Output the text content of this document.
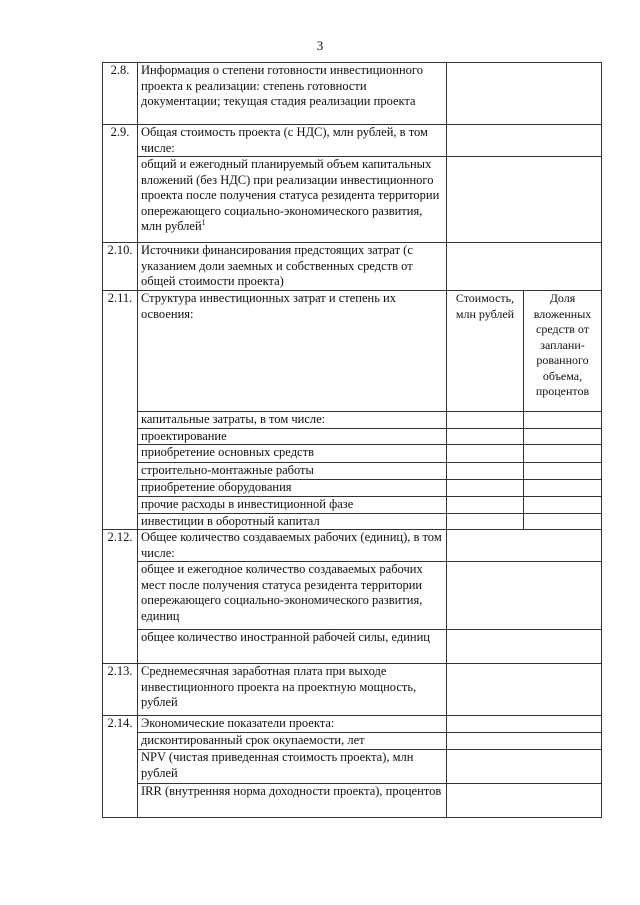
3
2.8.	Информация о степени готовности инвестиционного проекта к реализации: степень готовности документации; текущая стадия реализации проекта		
2.9.	Общая стоимость проекта (с НДС), млн рублей, в том числе:		
	общий и ежегодный планируемый объем капитальных вложений (без НДС) при реализации инвестиционного проекта после получения статуса резидента территории опережающего социально-экономического развития, млн рублей$^1$	
2.10.	Источники финансирования предстоящих затрат (с указанием доли заемных и собственных средств от общей стоимости проекта)		
2.11.	Структура инвестиционных затрат и степень их освоения:	Стоимость, млн рублей	Доля вложенных средств от заплани-рованного объема, процентов
	капитальные затраты, в том числе:		
	проектирование		
	приобретение основных средств		
	строительно-монтажные работы		
	приобретение оборудования		
	прочие расходы в инвестиционной фазе		
	инвестиции в оборотный капитал		
2.12.	Общее количество создаваемых рабочих (единиц), в том числе:		
	общее и ежегодное количество создаваемых рабочих мест после получения статуса резидента территории опережающего социально-экономического развития, единиц		
	общее количество иностранной рабочей силы, единиц		
2.13.	Среднемесячная заработная плата при выходе инвестиционного проекта на проектную мощность, рублей		
2.14.	Экономические показатели проекта:		
	дисконтированный срок окупаемости, лет		
	NPV (чистая приведенная стоимость проекта), млн рублей		
	IRR (внутренняя норма доходности проекта), процентов		
